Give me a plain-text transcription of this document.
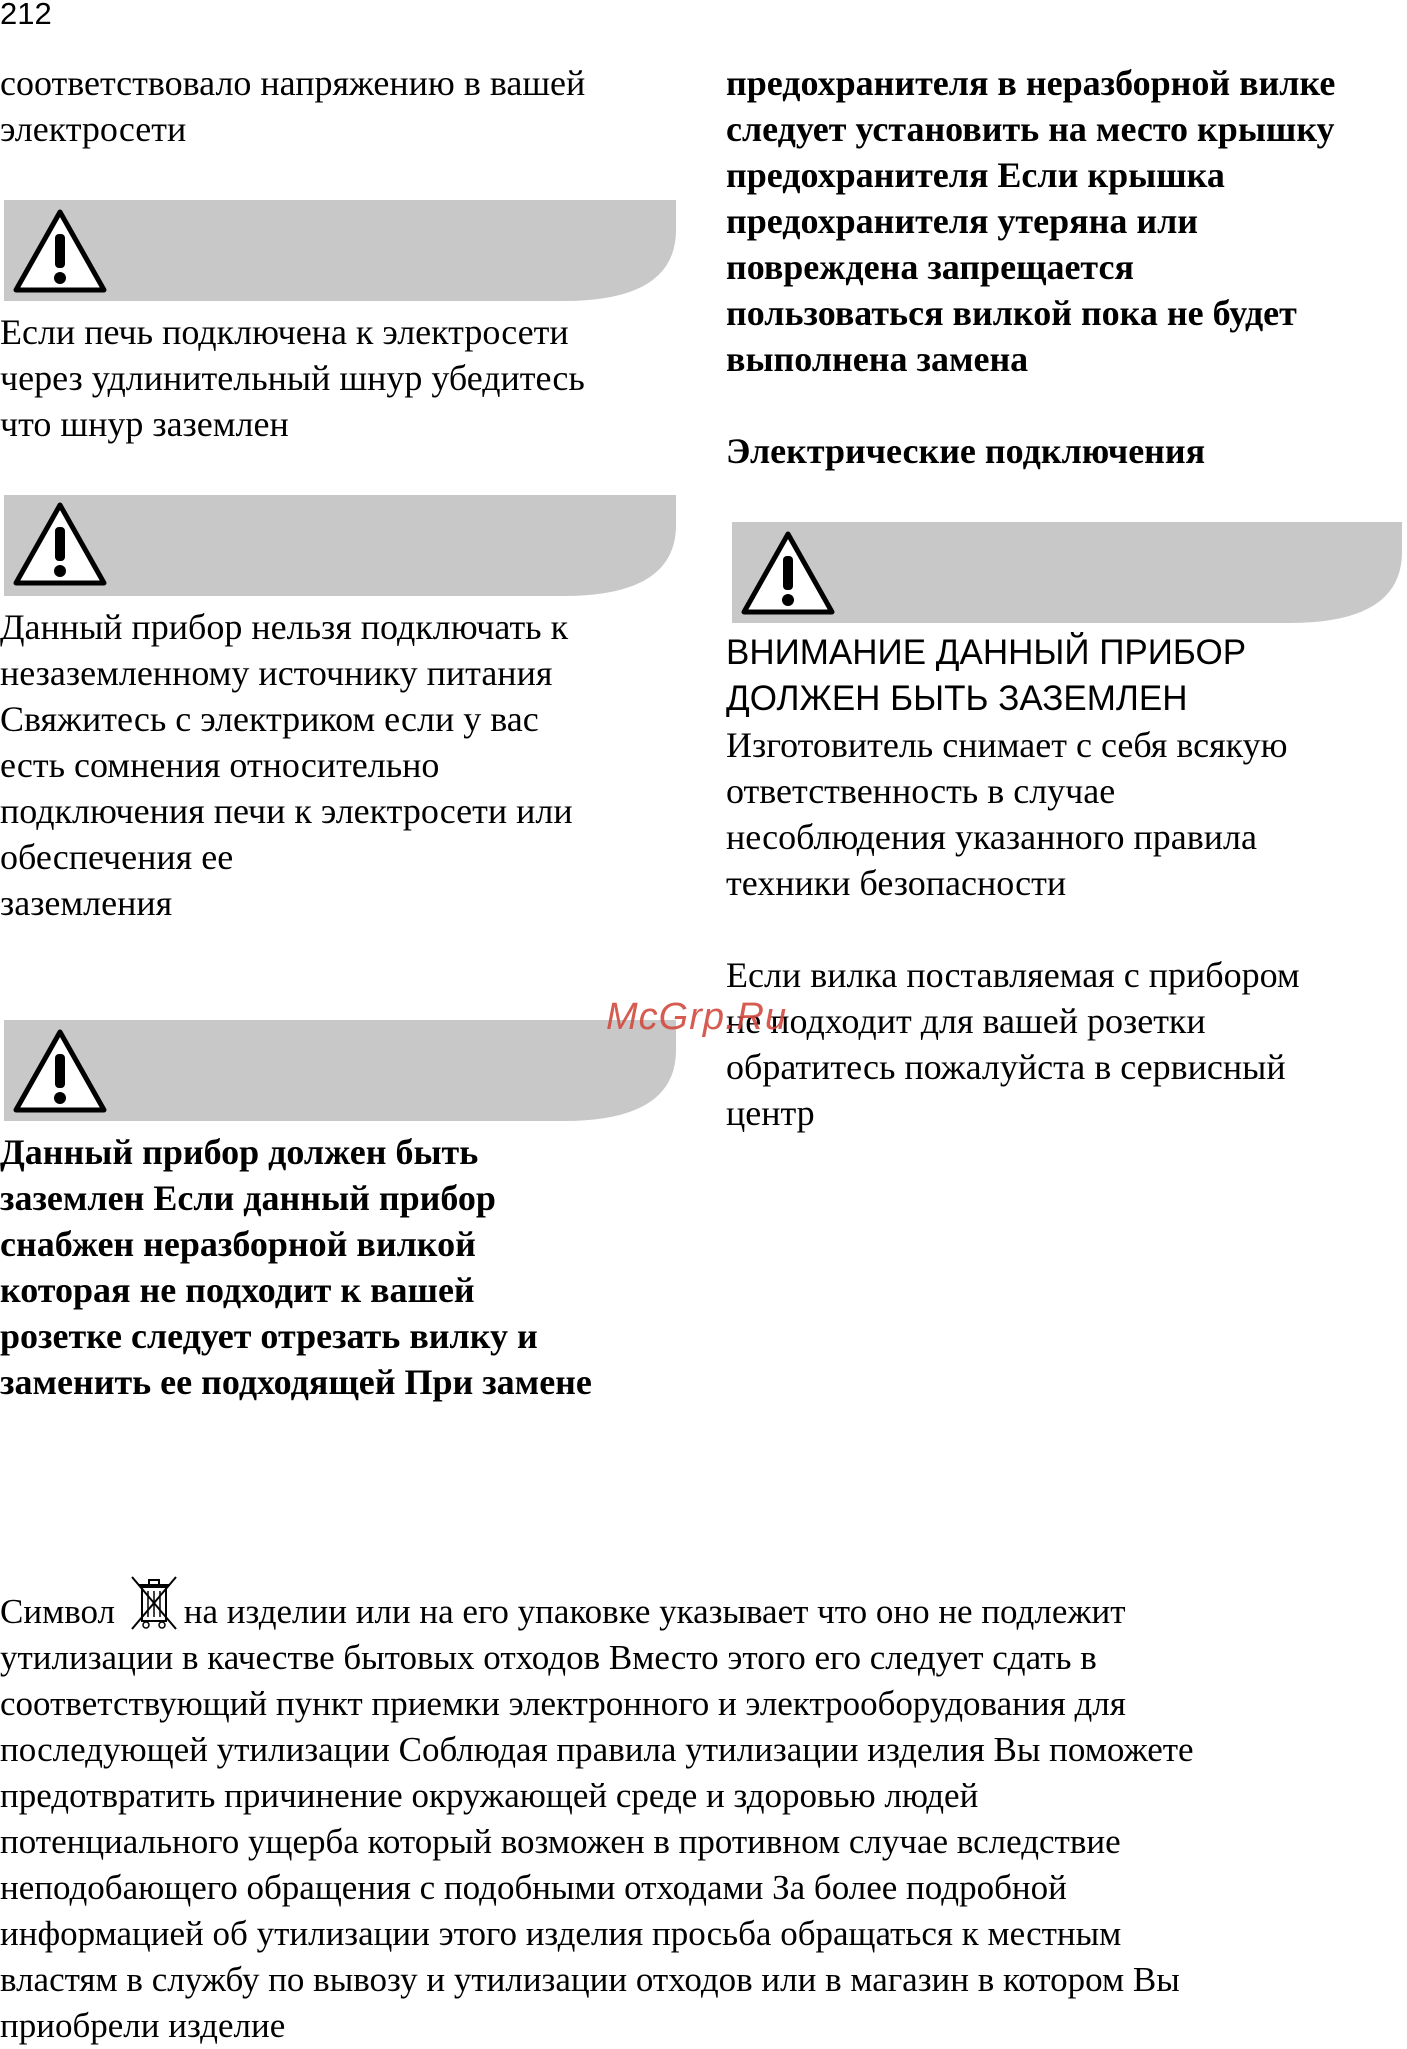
212
соответствовало напряжению в вашей
электросети
Если печь подключена к электросети
через удлинительный шнур убедитесь
что шнур заземлен
Данный прибор нельзя подключать к
незаземленному источнику питания
Свяжитесь с электриком если у вас
есть сомнения относительно
подключения печи к электросети или
обеспечения ее
заземления
Данный прибор должен быть
заземлен Если данный прибор
снабжен неразборной вилкой
которая не подходит к вашей
розетке следует отрезать вилку и
заменить ее подходящей При замене
предохранителя в неразборной вилке
следует установить на место крышку
предохранителя Если крышка
предохранителя утеряна или
повреждена запрещается
пользоваться вилкой пока не будет
выполнена замена
Электрические подключения
ВНИМАНИЕ ДАННЫЙ ПРИБОР
ДОЛЖЕН БЫТЬ ЗАЗЕМЛЕН
Изготовитель снимает с себя всякую
ответственность в случае
несоблюдения указанного правила
техники безопасности
Если вилка поставляемая с прибором
не подходит для вашей розетки
обратитесь пожалуйста в сервисный
центр
McGrp.Ru
Символ на изделии или на его упаковке указывает что оно не подлежит
утилизации в качестве бытовых отходов Вместо этого его следует сдать в
соответствующий пункт приемки электронного и электрооборудования для
последующей утилизации Соблюдая правила утилизации изделия Вы поможете
предотвратить причинение окружающей среде и здоровью людей
потенциального ущерба который возможен в противном случае вследствие
неподобающего обращения с подобными отходами За более подробной
информацией об утилизации этого изделия просьба обращаться к местным
властям в службу по вывозу и утилизации отходов или в магазин в котором Вы
приобрели изделие
